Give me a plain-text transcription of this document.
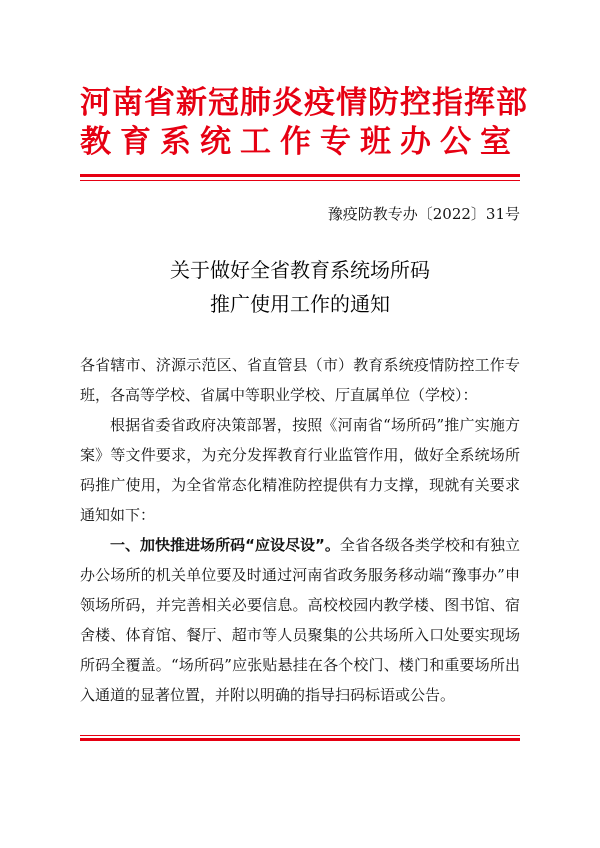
河南省新冠肺炎疫情防控指挥部
教育系统工作专班办公室
豫疫防教专办〔2022〕31号
关于做好全省教育系统场所码
推广使用工作的通知

各省辖市、济源示范区、省直管县（市）教育系统疫情防控工作专班，各高等学校、省属中等职业学校、厅直属单位（学校）：

根据省委省政府决策部署，按照《河南省“场所码”推广实施方案》等文件要求，为充分发挥教育行业监管作用，做好全系统场所码推广使用，为全省常态化精准防控提供有力支撑，现就有关要求通知如下：

一、加快推进场所码“应设尽设”。全省各级各类学校和有独立办公场所的机关单位要及时通过河南省政务服务移动端“豫事办”申领场所码，并完善相关必要信息。高校校园内教学楼、图书馆、宿舍楼、体育馆、餐厅、超市等人员聚集的公共场所入口处要实现场所码全覆盖。“场所码”应张贴悬挂在各个校门、楼门和重要场所出入通道的显著位置，并附以明确的指导扫码标语或公告。
